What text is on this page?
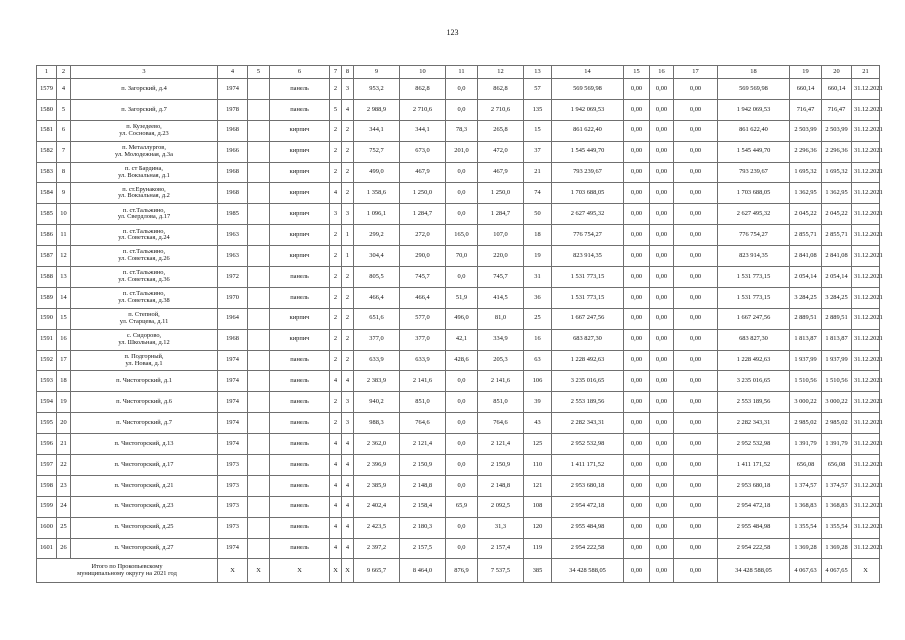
123
1	2	3	4	5	6	7	8	9	10	11	12	13	14	15	16	17	18	19	20	21
1579	4	п. Загорский, д.4	1974		панель	2	3	953,2	862,8	0,0	862,8	57	569 569,98	0,00	0,00	0,00	569 569,98	660,14	660,14	31.12.2021
1580	5	п. Загорский, д.7	1978		панель	5	4	2 988,9	2 710,6	0,0	2 710,6	135	1 942 069,53	0,00	0,00	0,00	1 942 069,53	716,47	716,47	31.12.2021
1581	6	п. Кузедеево,
ул. Сосновая, д.23	1968		кирпич	2	2	344,1	344,1	78,3	265,8	15	861 622,40	0,00	0,00	0,00	861 622,40	2 503,99	2 503,99	31.12.2021
1582	7	п. Металлургов,
ул. Молодежная, д.3а	1966		кирпич	2	2	752,7	673,0	201,0	472,0	37	1 545 449,70	0,00	0,00	0,00	1 545 449,70	2 296,36	2 296,36	31.12.2021
1583	8	п. ст Бардина,
ул. Вокзальная, д.1	1968		кирпич	2	2	499,0	467,9	0,0	467,9	21	793 239,67	0,00	0,00	0,00	793 239,67	1 695,32	1 695,32	31.12.2021
1584	9	п. ст.Ерунаково,
ул. Вокзальная, д.2	1968		кирпич	4	2	1 358,6	1 250,0	0,0	1 250,0	74	1 703 688,05	0,00	0,00	0,00	1 703 688,05	1 362,95	1 362,95	31.12.2021
1585	10	п. ст.Тальжино,
ул. Свердлова, д.17	1985		кирпич	3	3	1 096,1	1 284,7	0,0	1 284,7	50	2 627 495,32	0,00	0,00	0,00	2 627 495,32	2 045,22	2 045,22	31.12.2021
1586	11	п. ст.Тальжино,
ул. Советская, д.24	1963		кирпич	2	1	299,2	272,0	165,0	107,0	18	776 754,27	0,00	0,00	0,00	776 754,27	2 855,71	2 855,71	31.12.2021
1587	12	п. ст.Тальжино,
ул. Советская, д.26	1963		кирпич	2	1	304,4	290,0	70,0	220,0	19	823 914,35	0,00	0,00	0,00	823 914,35	2 841,08	2 841,08	31.12.2021
1588	13	п. ст.Тальжино,
ул. Советская, д.36	1972		панель	2	2	805,5	745,7	0,0	745,7	31	1 531 773,15	0,00	0,00	0,00	1 531 773,15	2 054,14	2 054,14	31.12.2021
1589	14	п. ст.Тальжино,
ул. Советская, д.38	1970		панель	2	2	466,4	466,4	51,9	414,5	36	1 531 773,15	0,00	0,00	0,00	1 531 773,15	3 284,25	3 284,25	31.12.2021
1590	15	п. Степной,
ул. Старцева, д.11	1964		кирпич	2	2	651,6	577,0	496,0	81,0	25	1 667 247,56	0,00	0,00	0,00	1 667 247,56	2 889,51	2 889,51	31.12.2021
1591	16	с. Сидорово,
ул. Школьная, д.12	1968		кирпич	2	2	377,0	377,0	42,1	334,9	16	683 827,30	0,00	0,00	0,00	683 827,30	1 813,87	1 813,87	31.12.2021
1592	17	п. Подгорный,
ул. Новая, д.1	1974		панель	2	2	633,9	633,9	428,6	205,3	63	1 228 492,63	0,00	0,00	0,00	1 228 492,63	1 937,99	1 937,99	31.12.2021
1593	18	п. Чистогорский, д.1	1974		панель	4	4	2 383,9	2 141,6	0,0	2 141,6	106	3 235 016,65	0,00	0,00	0,00	3 235 016,65	1 510,56	1 510,56	31.12.2021
1594	19	п. Чистогорский, д.6	1974		панель	2	3	940,2	851,0	0,0	851,0	39	2 553 189,56	0,00	0,00	0,00	2 553 189,56	3 000,22	3 000,22	31.12.2021
1595	20	п. Чистогорский, д.7	1974		панель	2	3	988,3	764,6	0,0	764,6	43	2 282 343,31	0,00	0,00	0,00	2 282 343,31	2 985,02	2 985,02	31.12.2021
1596	21	п. Чистогорский, д.13	1974		панель	4	4	2 362,0	2 121,4	0,0	2 121,4	125	2 952 532,98	0,00	0,00	0,00	2 952 532,98	1 391,79	1 391,79	31.12.2021
1597	22	п. Чистогорский, д.17	1973		панель	4	4	2 396,9	2 150,9	0,0	2 150,9	110	1 411 171,52	0,00	0,00	0,00	1 411 171,52	656,08	656,08	31.12.2021
1598	23	п. Чистогорский, д.21	1973		панель	4	4	2 385,9	2 148,8	0,0	2 148,8	121	2 953 680,18	0,00	0,00	0,00	2 953 680,18	1 374,57	1 374,57	31.12.2021
1599	24	п. Чистогорский, д.23	1973		панель	4	4	2 402,4	2 158,4	65,9	2 092,5	108	2 954 472,18	0,00	0,00	0,00	2 954 472,18	1 368,83	1 368,83	31.12.2021
1600	25	п. Чистогорский, д.25	1973		панель	4	4	2 423,5	2 180,3	0,0	31,3	120	2 955 484,98	0,00	0,00	0,00	2 955 484,98	1 355,54	1 355,54	31.12.2021
1601	26	п. Чистогорский, д.27	1974		панель	4	4	2 397,2	2 157,5	0,0	2 157,4	119	2 954 222,58	0,00	0,00	0,00	2 954 222,58	1 369,28	1 369,28	31.12.2021

Итого по Прокопьевскому
муниципальному округу на 2021 год			X	X	X	X	X	9 665,7	8 464,0	876,9	7 537,5	385	34 428 588,05	0,00	0,00	0,00	34 428 588,05	4 067,63	4 067,65	X
